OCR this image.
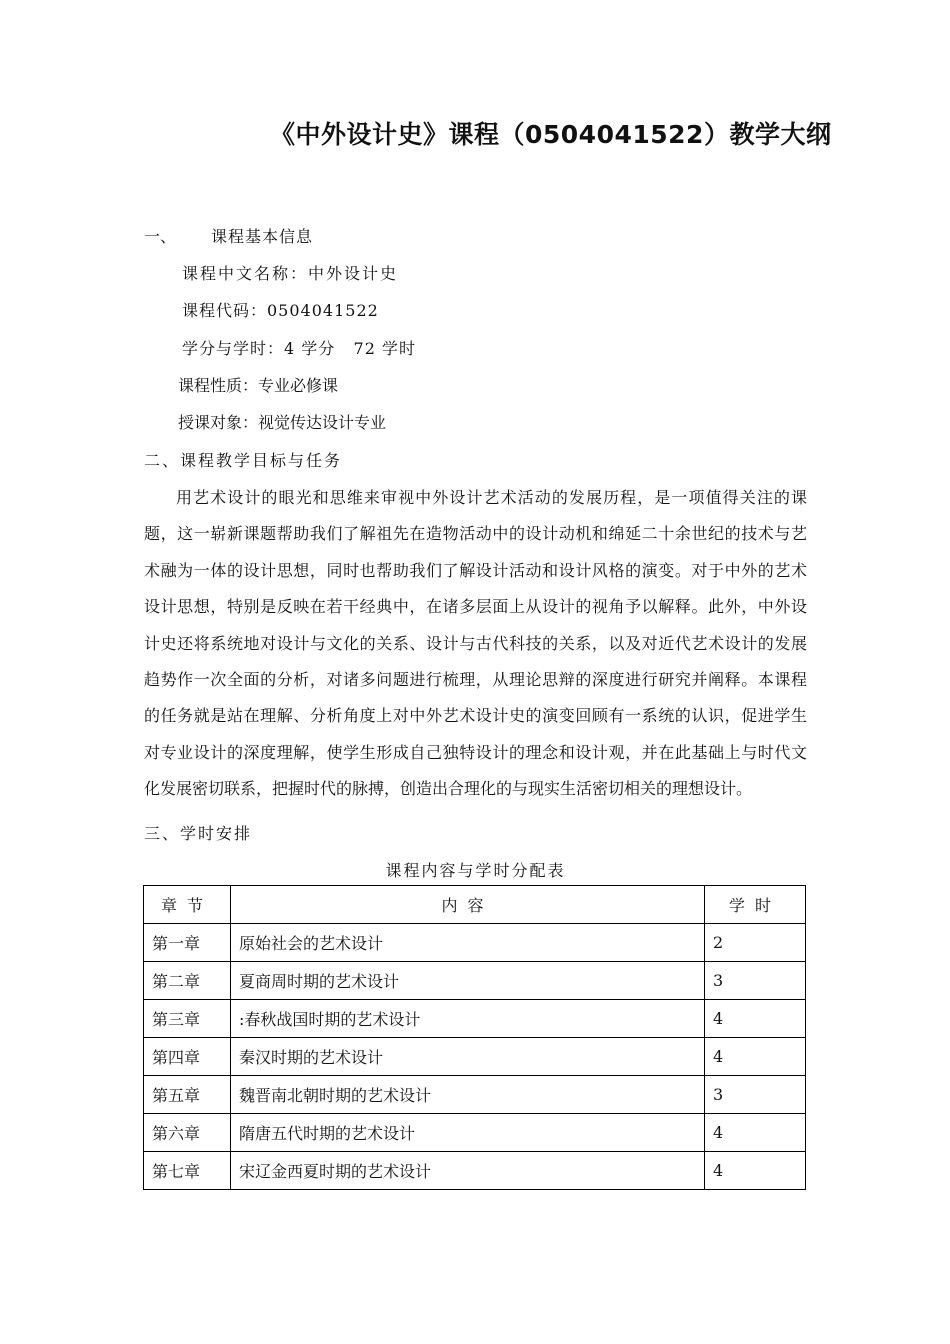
《中外设计史》课程（0504041522）教学大纲
一、 课程基本信息
课程中文名称：中外设计史
课程代码：0504041522
学分与学时：4 学分   72 学时
课程性质：专业必修课
授课对象：视觉传达设计专业
二、课程教学目标与任务
用艺术设计的眼光和思维来审视中外设计艺术活动的发展历程，是一项值得关注的课
题，这一崭新课题帮助我们了解祖先在造物活动中的设计动机和绵延二十余世纪的技术与艺
术融为一体的设计思想，同时也帮助我们了解设计活动和设计风格的演变。对于中外的艺术
设计思想，特别是反映在若干经典中，在诸多层面上从设计的视角予以解释。此外，中外设
计史还将系统地对设计与文化的关系、设计与古代科技的关系，以及对近代艺术设计的发展
趋势作一次全面的分析，对诸多问题进行梳理，从理论思辩的深度进行研究并阐释。本课程
的任务就是站在理解、分析角度上对中外艺术设计史的演变回顾有一系统的认识，促进学生
对专业设计的深度理解，使学生形成自己独特设计的理念和设计观，并在此基础上与时代文
化发展密切联系，把握时代的脉搏，创造出合理化的与现实生活密切相关的理想设计。
三、学时安排
课程内容与学时分配表
章节	内容	学时
第一章	原始社会的艺术设计	2
第二章	夏商周时期的艺术设计	3
第三章	:春秋战国时期的艺术设计	4
第四章	秦汉时期的艺术设计	4
第五章	魏晋南北朝时期的艺术设计	3
第六章	隋唐五代时期的艺术设计	4
第七章	宋辽金西夏时期的艺术设计	4
